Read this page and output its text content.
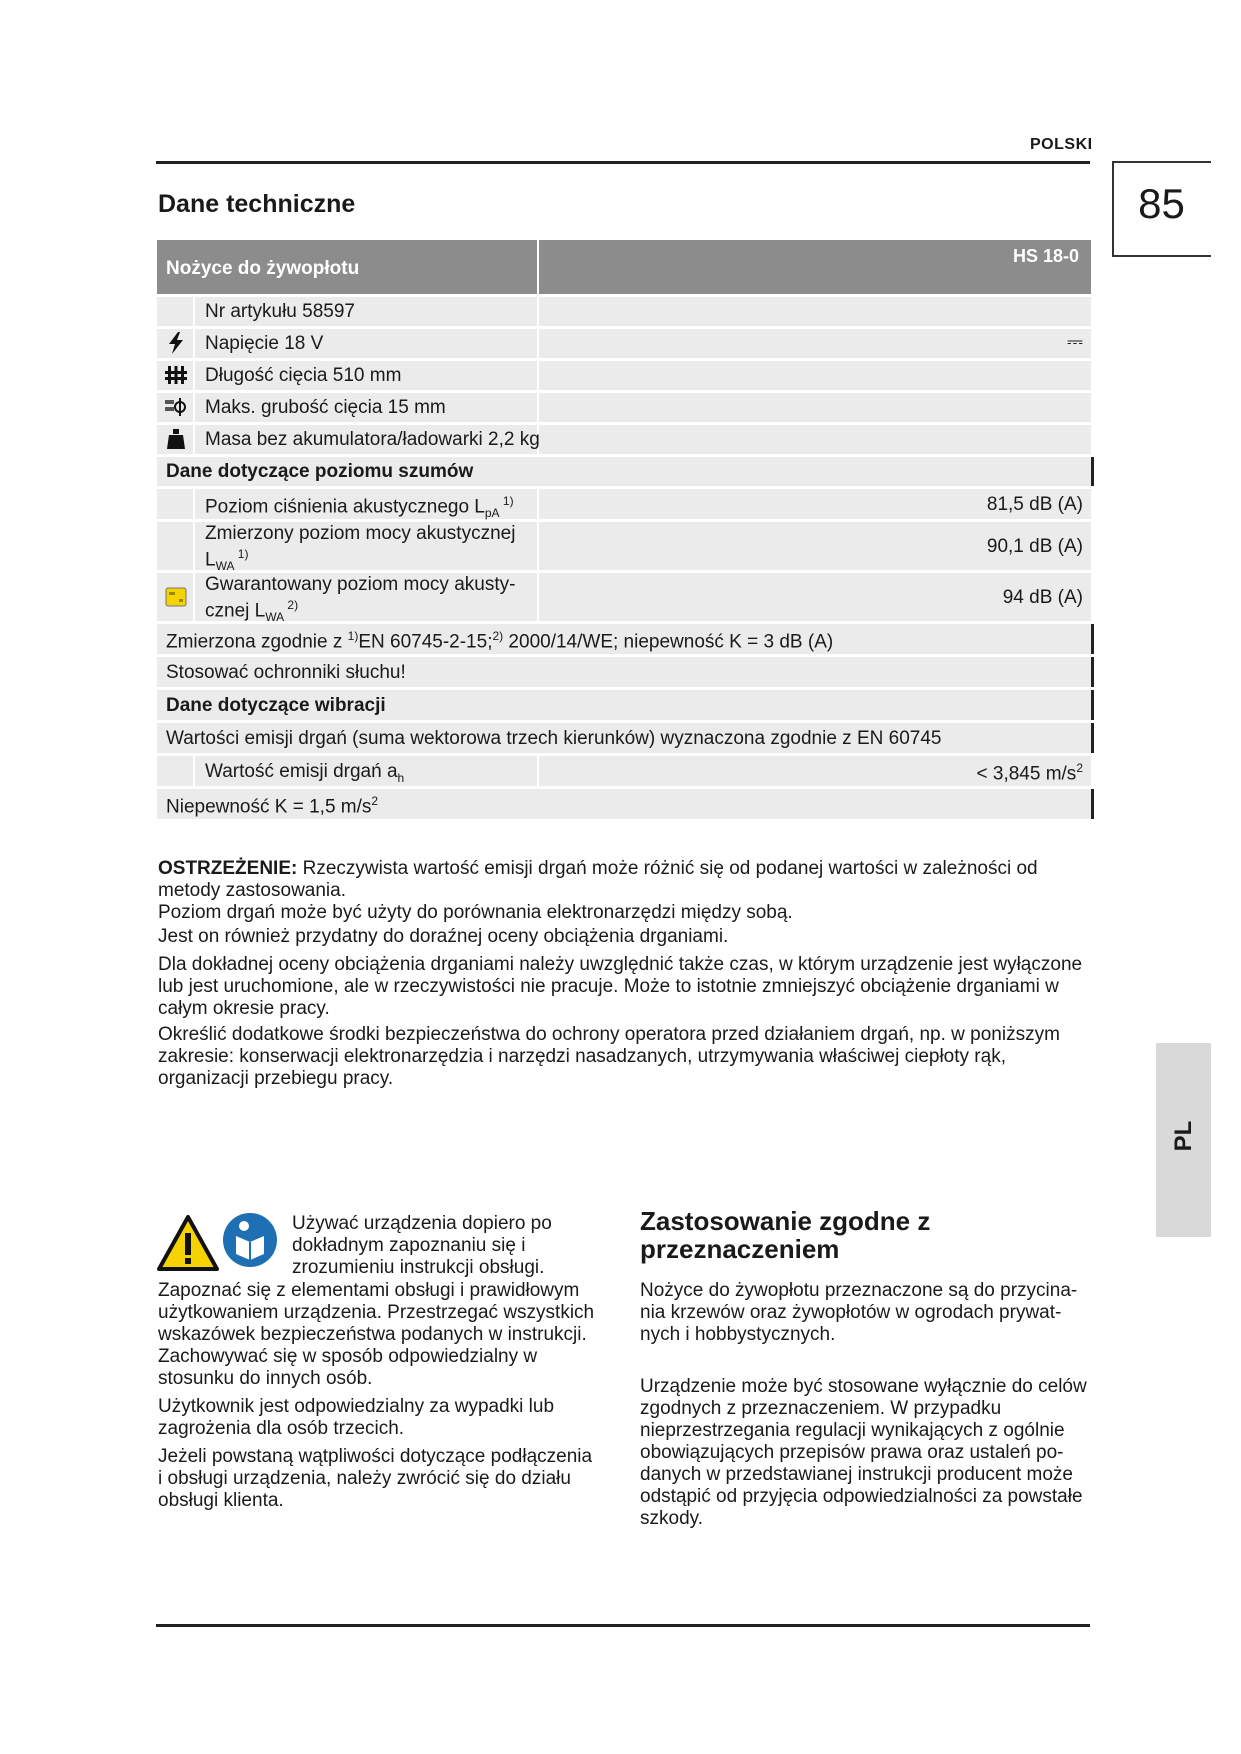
POLSKI
85
Dane techniczne
PL
Nożyce do żywopłotu
HS 18-0
Nr artykułu 58597
Napięcie 18 V	⎓
Długość cięcia 510 mm
Maks. grubość cięcia 15 mm
Masa bez akumulatora/ładowarki 2,2 kg
Dane dotyczące poziomu szumów
Poziom ciśnienia akustycznego $L_{pA}$ $^{1)}$	81,5 dB (A)
Zmierzony poziom mocy akustycznej
$L_{WA}$ $^{1)}$	90,1 dB (A)
Gwarantowany poziom mocy akusty-
cznej $L_{WA}$ $^{2)}$	94 dB (A)
Zmierzona zgodnie z $^{1)}$EN 60745-2-15;$^{2)}$ 2000/14/WE; niepewność K = 3 dB (A)
Stosować ochronniki słuchu!
Dane dotyczące wibracji
Wartości emisji drgań (suma wektorowa trzech kierunków) wyznaczona zgodnie z EN 60745
Wartość emisji drgań $a_h$	< 3,845 $m/s^2$
Niepewność K = 1,5 $m/s^2$
OSTRZEŻENIE: Rzeczywista wartość emisji drgań może różnić się od podanej wartości w zależności od metody zastosowania.
Poziom drgań może być użyty do porównania elektronarzędzi między sobą.
Jest on również przydatny do doraźnej oceny obciążenia drganiami.
Dla dokładnej oceny obciążenia drganiami należy uwzględnić także czas, w którym urządzenie jest wyłączone lub jest uruchomione, ale w rzeczywistości nie pracuje. Może to istotnie zmniejszyć obciążenie drganiami w całym okresie pracy.
Określić dodatkowe środki bezpieczeństwa do ochrony operatora przed działaniem drgań, np. w poniższym zakresie: konserwacji elektronarzędzia i narzędzi nasadzanych, utrzymywania właściwej ciepłoty rąk, organizacji przebiegu pracy.
Używać urządzenia dopiero po dokładnym zapoznaniu się i zrozumieniu instrukcji obsługi.
Zapoznać się z elementami obsługi i prawidłowym użytkowaniem urządzenia. Przestrzegać wszystkich wskazówek bezpieczeństwa podanych w instrukcji. Zachowywać się w sposób odpowiedzialny w stosunku do innych osób.
Użytkownik jest odpowiedzialny za wypadki lub zagrożenia dla osób trzecich.
Jeżeli powstaną wątpliwości dotyczące podłączenia i obsługi urządzenia, należy zwrócić się do działu obsługi klienta.
Zastosowanie zgodne z przeznaczeniem
Nożyce do żywopłotu przeznaczone są do przycina-nia krzewów oraz żywopłotów w ogrodach prywat-nych i hobbystycznych.
Urządzenie może być stosowane wyłącznie do celów zgodnych z przeznaczeniem. W przypadku nieprzestrzegania regulacji wynikających z ogólnie obowiązujących przepisów prawa oraz ustaleń po-danych w przedstawianej instrukcji producent może odstąpić od przyjęcia odpowiedzialności za powstałe szkody.
